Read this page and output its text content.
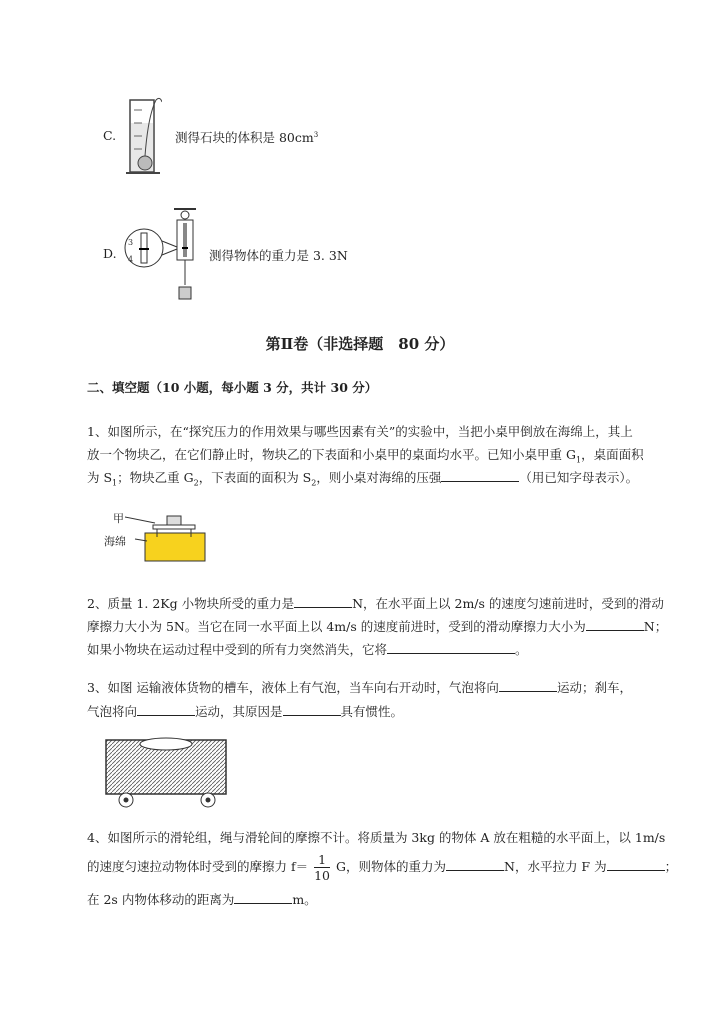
C.	测得石块的体积是 $80cm^3$
D.
3
4	测得物体的重力是 3. 3N
第Ⅱ卷（非选择题　80 分）
二、填空题（10 小题，每小题 3 分，共计 30 分）
1、如图所示，在“探究压力的作用效果与哪些因素有关”的实验中，当把小桌甲倒放在海绵上，其上
放一个物块乙，在它们静止时，物块乙的下表面和小桌甲的桌面均水平。已知小桌甲重 $G_1$，桌面面积
为 $S_1$；物块乙重 $G_2$，下表面的面积为 $S_2$，则小桌对海绵的压强	（用已知字母表示）。
甲
海绵
2、质量 1. 2Kg 小物块所受的重力是	N，在水平面上以 2m/s 的速度匀速前进时，受到的滑动
摩擦力大小为 5N。当它在同一水平面上以 4m/s 的速度前进时，受到的滑动摩擦力大小为	N；
如果小物块在运动过程中受到的所有力突然消失，它将	。
3、如图 运输液体货物的槽车，液体上有气泡，当车向右开动时，气泡将向	运动；刹车，
气泡将向	运动，其原因是	具有惯性。
4、如图所示的滑轮组，绳与滑轮间的摩擦不计。将质量为 3kg 的物体 A 放在粗糙的水平面上，以 1m/s
的速度匀速拉动物体时受到的摩擦力 $f= \frac{1}{10}$ G，则物体的重力为	N，水平拉力 F 为	；
在 2s 内物体移动的距离为	m。
